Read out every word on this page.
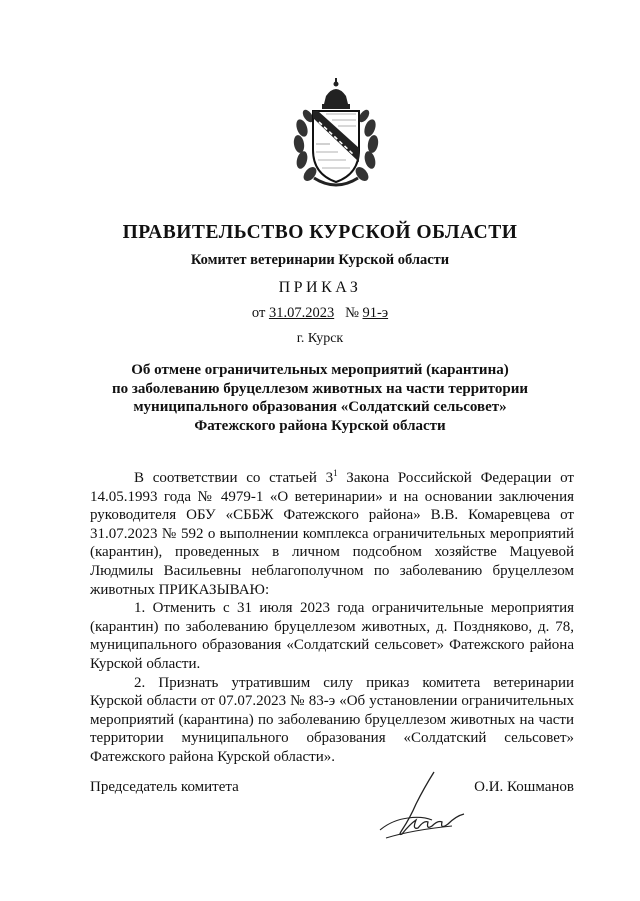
ПРАВИТЕЛЬСТВО КУРСКОЙ ОБЛАСТИ
Комитет ветеринарии Курской области
ПРИКАЗ
от 31.07.2023 № 91-э
г. Курск
Об отмене ограничительных мероприятий (карантина)
по заболеванию бруцеллезом животных на части территории
муниципального образования «Солдатский сельсовет»
Фатежского района Курской области

В соответствии со статьей $3^1$ Закона Российской Федерации от 14.05.1993 года № 4979-1 «О ветеринарии» и на основании заключения руководителя ОБУ «СББЖ Фатежского района» В.В. Комаревцева от 31.07.2023 № 592 о выполнении комплекса ограничительных мероприятий (карантин), проведенных в личном подсобном хозяйстве Мацуевой Людмилы Васильевны неблагополучном по заболеванию бруцеллезом животных ПРИКАЗЫВАЮ:

1. Отменить с 31 июля 2023 года ограничительные мероприятия (карантин) по заболеванию бруцеллезом животных, д. Поздняково, д. 78, муниципального образования «Солдатский сельсовет» Фатежского района Курской области.

2. Признать утратившим силу приказ комитета ветеринарии Курской области от 07.07.2023 № 83-э «Об установлении ограничительных мероприятий (карантина) по заболеванию бруцеллезом животных на части территории муниципального образования «Солдатский сельсовет» Фатежского района Курской области».

Председатель комитета	О.И. Кошманов
